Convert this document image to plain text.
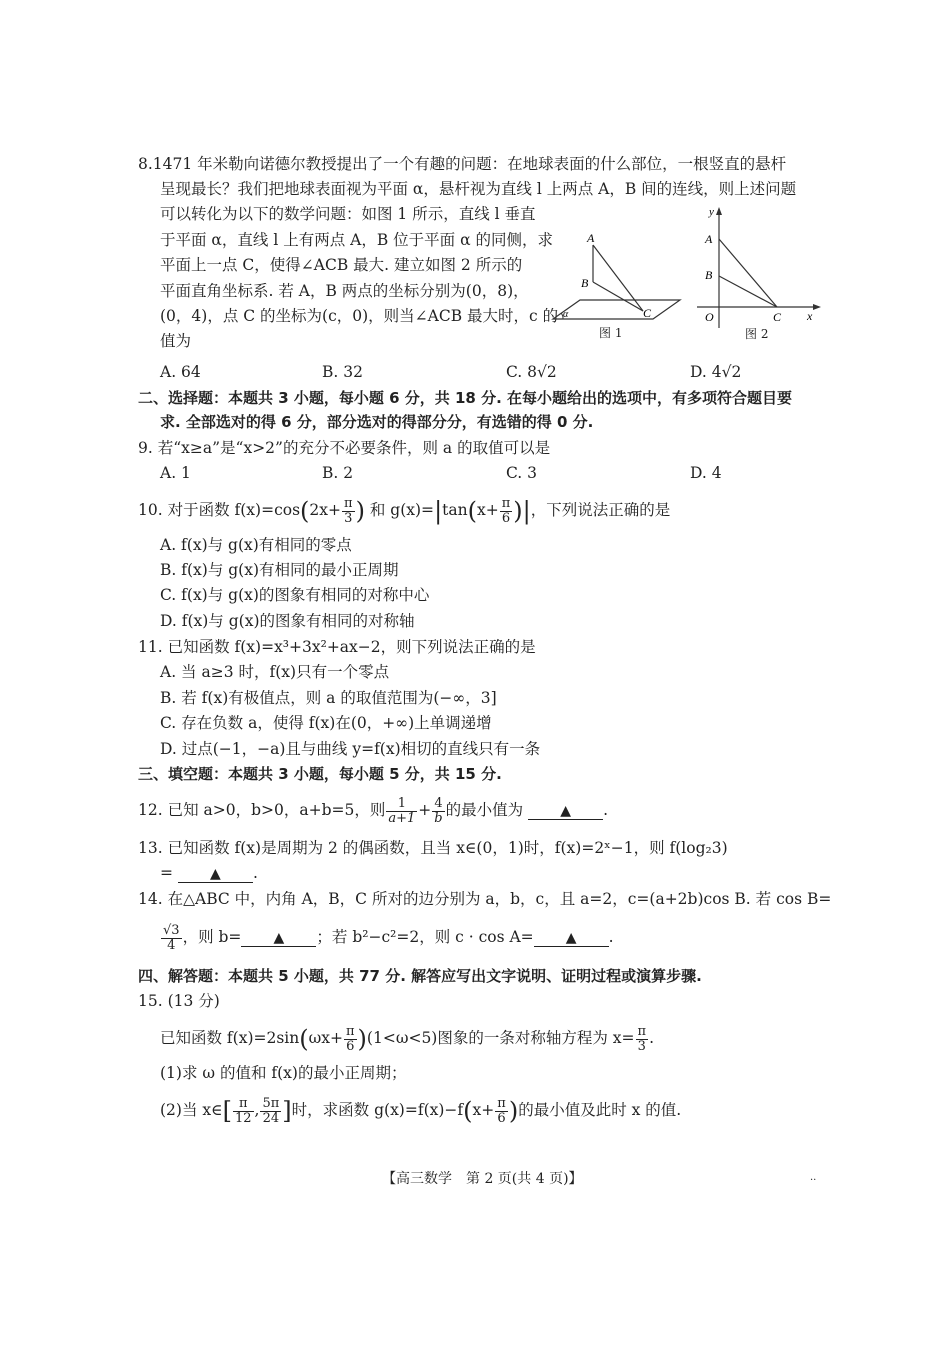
8.1471 年米勒向诺德尔教授提出了一个有趣的问题：在地球表面的什么部位，一根竖直的悬杆
呈现最长？我们把地球表面视为平面 α，悬杆视为直线 l 上两点 A，B 间的连线，则上述问题
可以转化为以下的数学问题：如图 1 所示，直线 l 垂直
于平面 α，直线 l 上有两点 A，B 位于平面 α 的同侧，求
平面上一点 C，使得∠ACB 最大. 建立如图 2 所示的
平面直角坐标系. 若 A，B 两点的坐标分别为(0，8)，
(0，4)，点 C 的坐标为(c，0)，则当∠ACB 最大时，c 的
值为
A
B
C
α
图 1
y
A
B
O	C x
图 2
A. 64	B. 32	C. 8√2	D. 4√2
二、选择题：本题共 3 小题，每小题 6 分，共 18 分. 在每小题给出的选项中，有多项符合题目要
求. 全部选对的得 6 分，部分选对的得部分分，有选错的得 0 分.
9. 若“x≥a”是“x>2”的充分不必要条件，则 a 的取值可以是
A. 1	B. 2	C. 3	D. 4
10. 对于函数 $f(x)=\cos(2x+ \frac{\pi}{3}$ ) 和 $g(x)=|\tan(x+ \frac{\pi}{6}$ )|，下列说法正确的是
A. f(x)与 g(x)有相同的零点
B. f(x)与 g(x)有相同的最小正周期
C. f(x)与 g(x)的图象有相同的对称中心
D. f(x)与 g(x)的图象有相同的对称轴
11. 已知函数 f(x)=x³+3x²+ax−2，则下列说法正确的是
A. 当 a≥3 时，f(x)只有一个零点
B. 若 f(x)有极值点，则 a 的取值范围为(−∞，3]
C. 存在负数 a，使得 f(x)在(0，+∞)上单调递增
D. 过点(−1，−a)且与曲线 y=f(x)相切的直线只有一条
三、填空题：本题共 3 小题，每小题 5 分，共 15 分.
12. 已知 a>0，b>0，a+b=5，则 $\frac{1}{a+1} + \frac{4}{b}$ 的最小值为	▲ .
13. 已知函数 f(x)是周期为 2 的偶函数，且当 x∈(0，1)时，f(x)=2ˣ−1，则 f(log₂3)
=	▲ .
14. 在△ABC 中，内角 A，B，C 所对的边分别为 a，b，c，且 a=2，c=(a+2b)cos B. 若 cos B=
$\frac{√3}{4}$ ，则 b= ▲ ；若 b²−c²=2，则 c · cos A= ▲ .
四、解答题：本题共 5 小题，共 77 分. 解答应写出文字说明、证明过程或演算步骤.
15. (13 分)
已知函数 $f(x)=2\sin(\omega x+ \frac{\pi}{6} )(1<\omega<5)$图象的一条对称轴方程为 $x= \frac{\pi}{3}$ .
(1)求 ω 的值和 f(x)的最小正周期；
(2)当 x∈[ $\frac{\pi}{12}$ , $\frac{5\pi}{24}$ ]时，求函数 $g(x)=f(x)-f(x+ \frac{\pi}{6}$ )的最小值及此时 x 的值.
【高三数学　第 2 页(共 4 页)】	..
